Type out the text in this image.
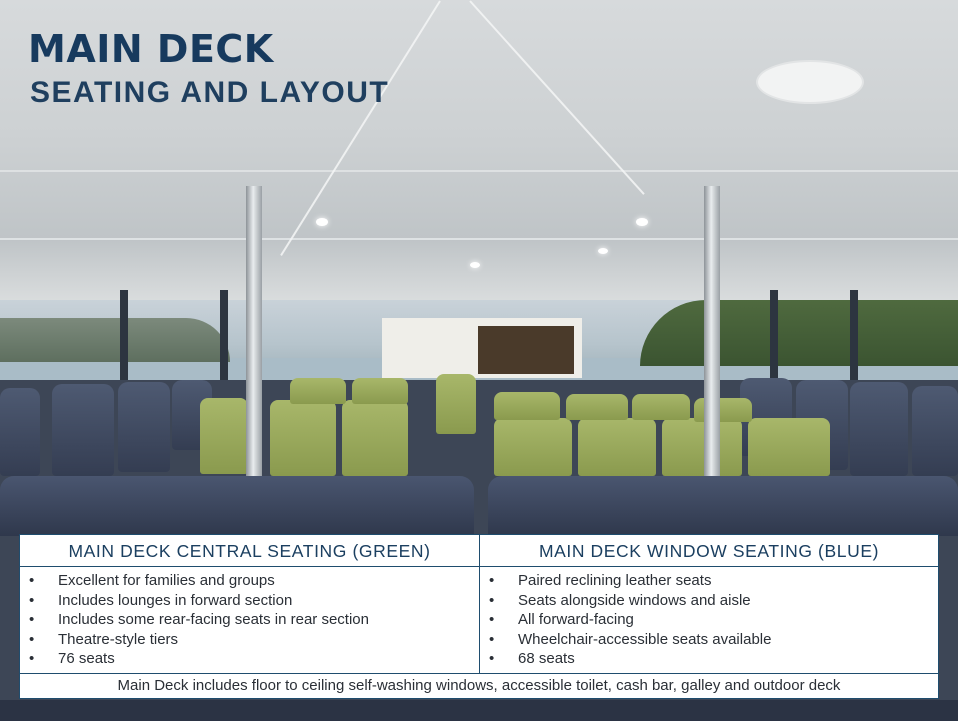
MAIN DECK
SEATING AND LAYOUT
MAIN DECK CENTRAL SEATING (GREEN)
• Excellent for families and groups
• Includes lounges in forward section
• Includes some rear-facing seats in rear section
• Theatre-style tiers
• 76 seats
MAIN DECK WINDOW SEATING (BLUE)
• Paired reclining leather seats
• Seats alongside windows and aisle
• All forward-facing
• Wheelchair-accessible seats available
• 68 seats
Main Deck includes floor to ceiling self-washing windows, accessible toilet, cash bar, galley and outdoor deck
